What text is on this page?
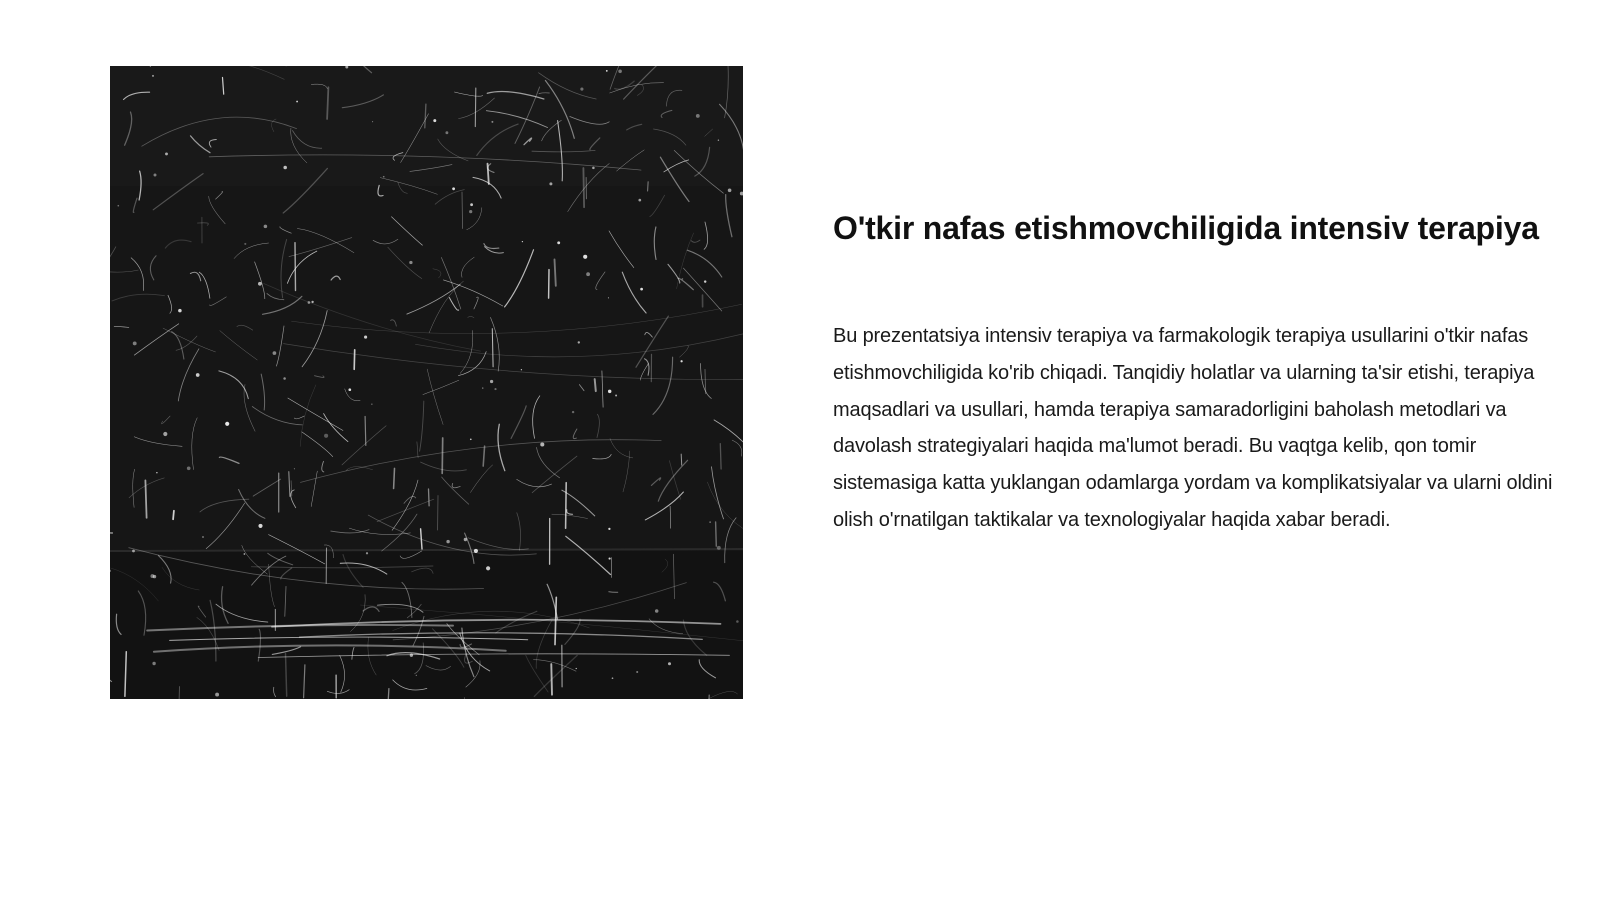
O'tkir nafas etishmovchiligida intensiv terapiya

Bu prezentatsiya intensiv terapiya va farmakologik terapiya usullarini o'tkir nafas etishmovchiligida ko'rib chiqadi. Tanqidiy holatlar va ularning ta'sir etishi, terapiya maqsadlari va usullari, hamda terapiya samaradorligini baholash metodlari va davolash strategiyalari haqida ma'lumot beradi. Bu vaqtga kelib, qon tomir sistemasiga katta yuklangan odamlarga yordam va komplikatsiyalar va ularni oldini olish o'rnatilgan taktikalar va texnologiyalar haqida xabar beradi.
